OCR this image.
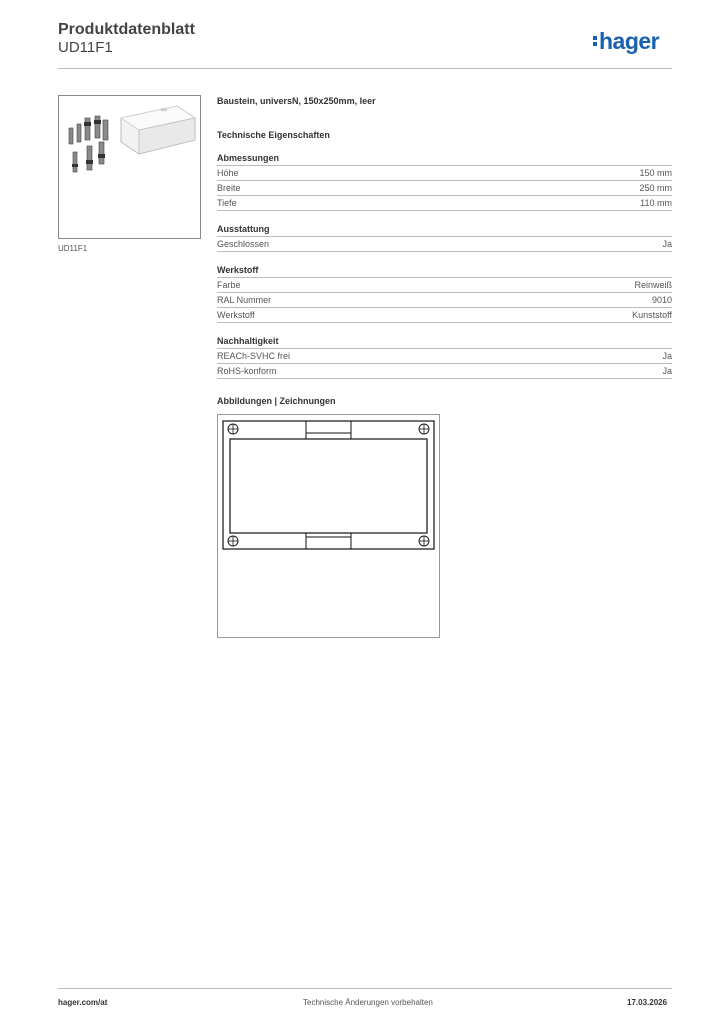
Produktdatenblatt
UD11F1	hager
UD11F1
Baustein, universN, 150x250mm, leer
Technische Eigenschaften
Abmessungen
Höhe	150 mm
Breite	250 mm
Tiefe	110 mm
Ausstattung
Geschlossen	Ja
Werkstoff
Farbe	Reinweiß
RAL Nummer	9010
Werkstoff	Kunststoff
Nachhaltigkeit
REACh-SVHC frei	Ja
RoHS-konform	Ja
Abbildungen | Zeichnungen
hager.com/at	Technische Änderungen vorbehalten	17.03.2026
